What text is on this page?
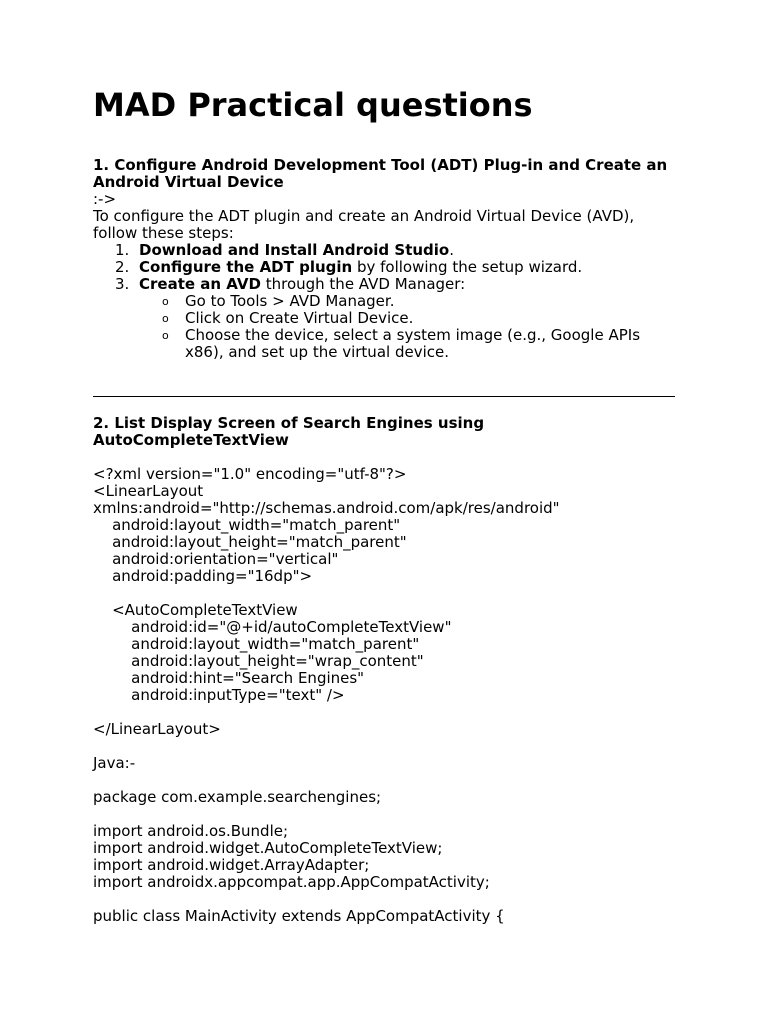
MAD Practical questions

1. Configure Android Development Tool (ADT) Plug-in and Create an Android Virtual Device

:->

To configure the ADT plugin and create an Android Virtual Device (AVD), follow these steps:

1. Download and Install Android Studio.
2. Configure the ADT plugin by following the setup wizard.
3. Create an AVD through the AVD Manager:
o Go to Tools > AVD Manager.
o Click on Create Virtual Device.
o Choose the device, select a system image (e.g., Google APIs x86), and set up the virtual device.

2. List Display Screen of Search Engines using AutoCompleteTextView

<?xml version="1.0" encoding="utf-8"?>
<LinearLayout
xmlns:android="http://schemas.android.com/apk/res/android"
android:layout_width="match_parent"
android:layout_height="match_parent"
android:orientation="vertical"
android:padding="16dp">
<AutoCompleteTextView
android:id="@+id/autoCompleteTextView"
android:layout_width="match_parent"
android:layout_height="wrap_content"
android:hint="Search Engines"
android:inputType="text" />
</LinearLayout>
Java:-
package com.example.searchengines;
import android.os.Bundle;
import android.widget.AutoCompleteTextView;
import android.widget.ArrayAdapter;
import androidx.appcompat.app.AppCompatActivity;
public class MainActivity extends AppCompatActivity {
